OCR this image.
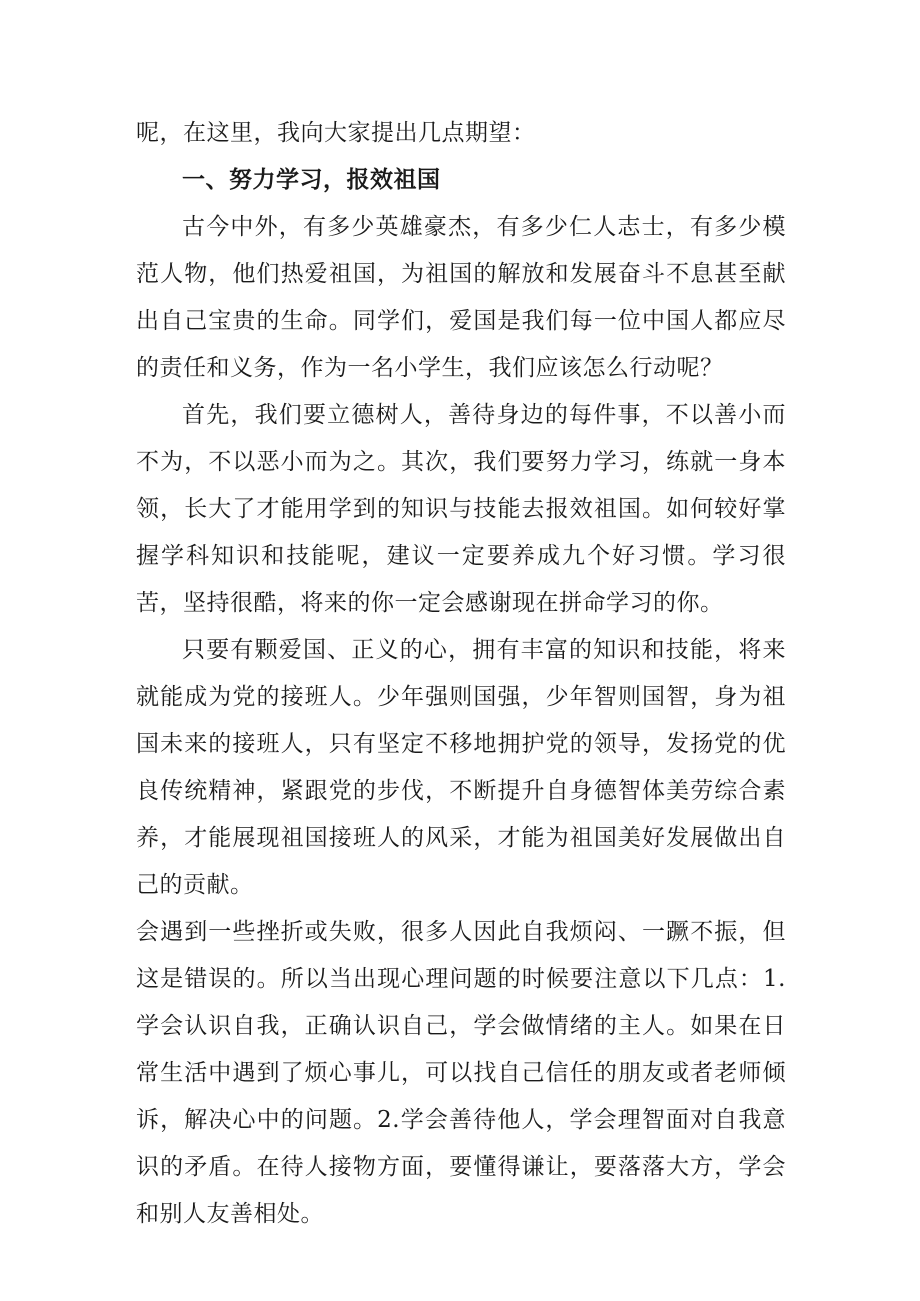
呢，在这里，我向大家提出几点期望：

一、努力学习，报效祖国

古今中外，有多少英雄豪杰，有多少仁人志士，有多少模范人物，他们热爱祖国，为祖国的解放和发展奋斗不息甚至献出自己宝贵的生命。同学们，爱国是我们每一位中国人都应尽的责任和义务，作为一名小学生，我们应该怎么行动呢？

首先，我们要立德树人，善待身边的每件事，不以善小而不为，不以恶小而为之。其次，我们要努力学习，练就一身本领，长大了才能用学到的知识与技能去报效祖国。如何较好掌握学科知识和技能呢，建议一定要养成九个好习惯。学习很苦，坚持很酷，将来的你一定会感谢现在拼命学习的你。

只要有颗爱国、正义的心，拥有丰富的知识和技能，将来就能成为党的接班人。少年强则国强，少年智则国智，身为祖国未来的接班人，只有坚定不移地拥护党的领导，发扬党的优良传统精神，紧跟党的步伐，不断提升自身德智体美劳综合素养，才能展现祖国接班人的风采，才能为祖国美好发展做出自己的贡献。

会遇到一些挫折或失败，很多人因此自我烦闷、一蹶不振，但这是错误的。所以当出现心理问题的时候要注意以下几点：1.学会认识自我，正确认识自己，学会做情绪的主人。如果在日常生活中遇到了烦心事儿，可以找自己信任的朋友或者老师倾诉，解决心中的问题。2.学会善待他人，学会理智面对自我意识的矛盾。在待人接物方面，要懂得谦让，要落落大方，学会和别人友善相处。
